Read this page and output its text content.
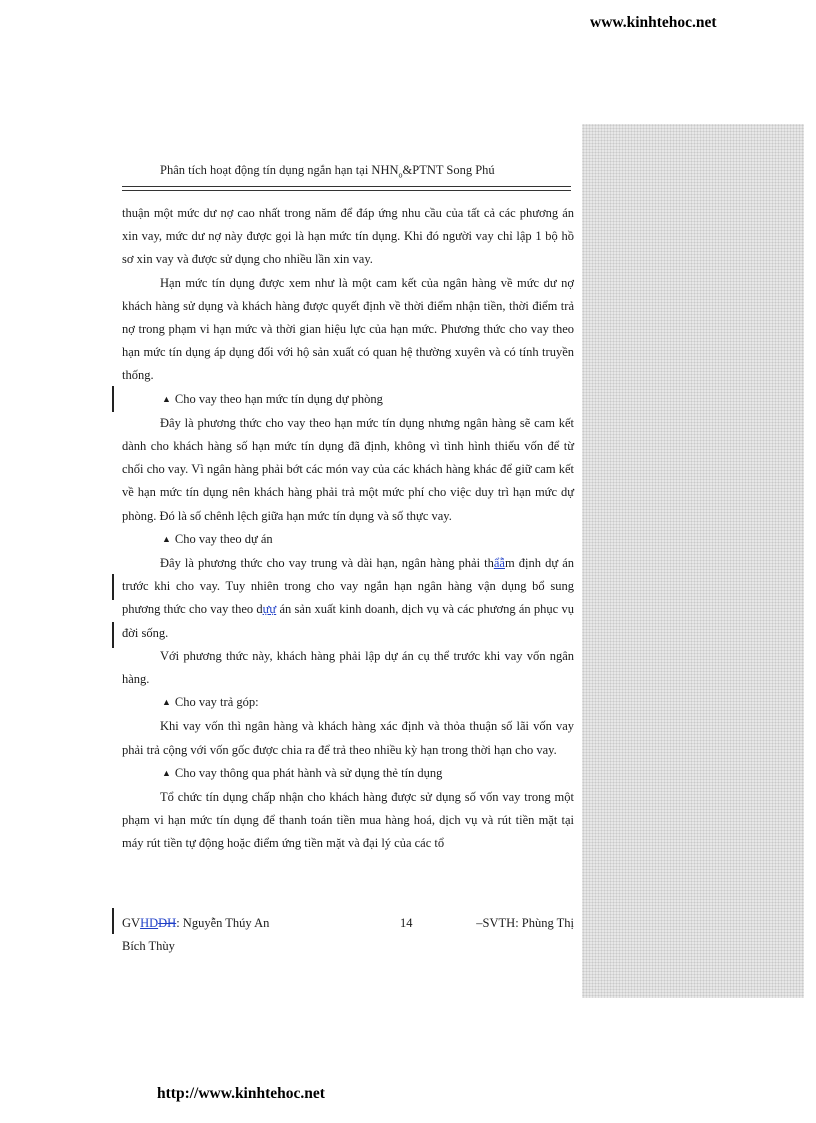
www.kinhtehoc.net
Phân tích hoạt động tín dụng ngắn hạn tại $NHN_o\&PTNT$ Song Phú

thuận một mức dư nợ cao nhất trong năm để đáp ứng nhu cầu của tất cả các phương án xin vay, mức dư nợ này được gọi là hạn mức tín dụng. Khi đó người vay chỉ lập 1 bộ hồ sơ xin vay và được sử dụng cho nhiều lần xin vay.

Hạn mức tín dụng được xem như là một cam kết của ngân hàng về mức dư nợ khách hàng sử dụng và khách hàng được quyết định về thời điểm nhận tiền, thời điểm trả nợ trong phạm vi hạn mức và thời gian hiệu lực của hạn mức. Phương thức cho vay theo hạn mức tín dụng áp dụng đối với hộ sản xuất có quan hệ thường xuyên và có tính truyền thống.

▲ Cho vay theo hạn mức tín dụng dự phòng

Đây là phương thức cho vay theo hạn mức tín dụng nhưng ngân hàng sẽ cam kết dành cho khách hàng số hạn mức tín dụng đã định, không vì tình hình thiếu vốn để từ chối cho vay. Vì ngân hàng phải bớt các món vay của các khách hàng khác để giữ cam kết về hạn mức tín dụng nên khách hàng phải trả một mức phí cho việc duy trì hạn mức dự phòng. Đó là số chênh lệch giữa hạn mức tín dụng và số thực vay.

▲ Cho vay theo dự án

Đây là phương thức cho vay trung và dài hạn, ngân hàng phải thẩẫm định dự án trước khi cho vay. Tuy nhiên trong cho vay ngắn hạn ngân hàng vận dụng bổ sung phương thức cho vay theo dựự án sản xuất kinh doanh, dịch vụ và các phương án phục vụ đời sống.

Với phương thức này, khách hàng phải lập dự án cụ thể trước khi vay vốn ngân hàng.

▲ Cho vay trả góp:

Khi vay vốn thì ngân hàng và khách hàng xác định và thỏa thuận số lãi vốn vay phải trả cộng với vốn gốc được chia ra để trả theo nhiều kỳ hạn trong thời hạn cho vay.

▲ Cho vay thông qua phát hành và sử dụng thẻ tín dụng

Tổ chức tín dụng chấp nhận cho khách hàng được sử dụng số vốn vay trong một phạm vi hạn mức tín dụng để thanh toán tiền mua hàng hoá, dịch vụ và rút tiền mặt tại máy rút tiền tự động hoặc điểm ứng tiền mặt và đại lý của các tổ

GVHDDH: Nguyễn Thúy An	14	–SVTH: Phùng Thị
Bích Thùy
http://www.kinhtehoc.net
